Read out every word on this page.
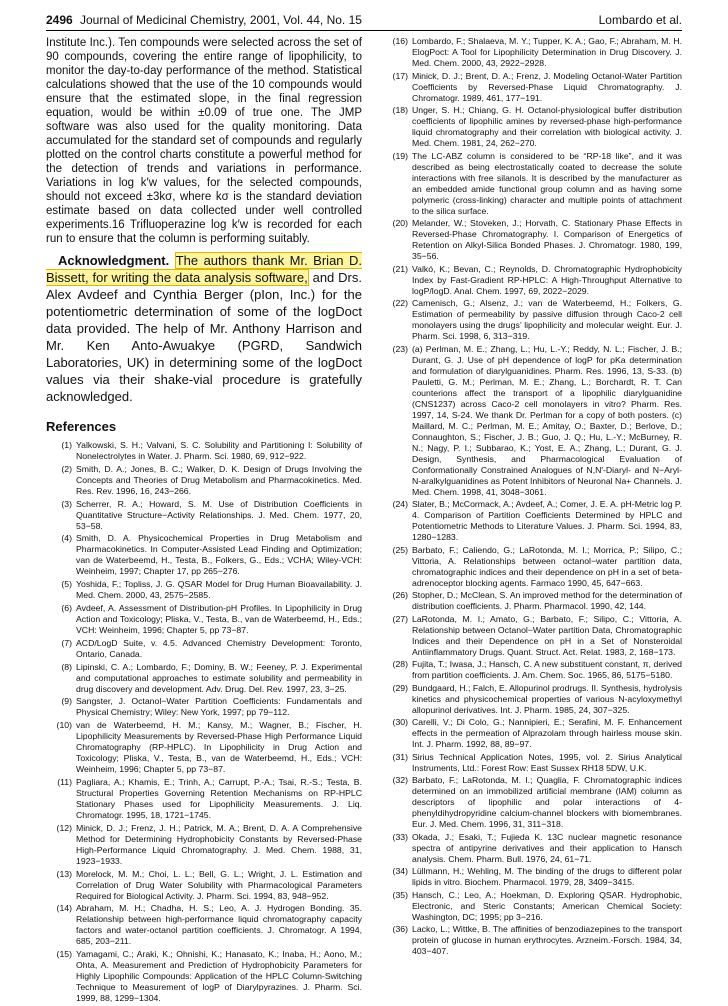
2496 Journal of Medicinal Chemistry, 2001, Vol. 44, No. 15	Lombardo et al.

Institute Inc.). Ten compounds were selected across the set of 90 compounds, covering the entire range of lipophilicity, to monitor the day-to-day performance of the method. Statistical calculations showed that the use of the 10 compounds would ensure that the estimated slope, in the final regression equation, would be within ±0.09 of true one. The JMP software was also used for the quality monitoring. Data accumulated for the standard set of compounds and regularly plotted on the control charts constitute a powerful method for the detection of trends and variations in performance. Variations in log k′w values, for the selected compounds, should not exceed ±3kσ, where kσ is the standard deviation estimate based on data collected under well controlled experiments.16 Trifluoperazine log k′w is recorded for each run to ensure that the column is performing suitably.

Acknowledgment. The authors thank Mr. Brian D. Bissett, for writing the data analysis software, and Drs. Alex Avdeef and Cynthia Berger (pIon, Inc.) for the potentiometric determination of some of the logDoct data provided. The help of Mr. Anthony Harrison and Mr. Ken Anto-Awuakye (PGRD, Sandwich Laboratories, UK) in determining some of the logDoct values via their shake-vial procedure is gratefully acknowledged.

References
(1) Yalkowski, S. H.; Valvani, S. C. Solubility and Partitioning I: Solubility of Nonelectrolytes in Water. J. Pharm. Sci. 1980, 69, 912−922.
(2) Smith, D. A.; Jones, B. C.; Walker, D. K. Design of Drugs Involving the Concepts and Theories of Drug Metabolism and Pharmacokinetics. Med. Res. Rev. 1996, 16, 243−266.
(3) Scherrer, R. A.; Howard, S. M. Use of Distribution Coefficients in Quantitative Structure−Activity Relationships. J. Med. Chem. 1977, 20, 53−58.
(4) Smith, D. A. Physicochemical Properties in Drug Metabolism and Pharmacokinetics. In Computer-Assisted Lead Finding and Optimization; van de Waterbeemd, H., Testa, B., Folkers, G., Eds.; VCHA; Wiley-VCH: Weinheim, 1997; Chapter 17, pp 265−276.
(5) Yoshida, F.; Topliss, J. G. QSAR Model for Drug Human Bioavailability. J. Med. Chem. 2000, 43, 2575−2585.
(6) Avdeef, A. Assessment of Distribution-pH Profiles. In Lipophilicity in Drug Action and Toxicology; Pliska, V., Testa, B., van de Waterbeemd, H., Eds.; VCH: Weinheim, 1996; Chapter 5, pp 73−87.
(7) ACD/LogD Suite, v. 4.5. Advanced Chemistry Development: Toronto, Ontario, Canada.
(8) Lipinski, C. A.; Lombardo, F.; Dominy, B. W.; Feeney, P. J. Experimental and computational approaches to estimate solubility and permeability in drug discovery and development. Adv. Drug. Del. Rev. 1997, 23, 3−25.
(9) Sangster, J. Octanol−Water Partition Coefficients: Fundamentals and Physical Chemistry; Wiley: New York, 1997; pp 79−112.
(10) van de Waterbeemd, H. M.; Kansy, M.; Wagner, B.; Fischer, H. Lipophilicity Measurements by Reversed-Phase High Performance Liquid Chromatography (RP-HPLC). In Lipophilicity in Drug Action and Toxicology; Pliska, V., Testa, B., van de Waterbeemd, H., Eds.; VCH: Weinheim, 1996; Chapter 5, pp 73−87.
(11) Pagliara, A.; Khamis, E.; Trinh, A.; Carrupt, P.-A.; Tsai, R.-S.; Testa, B. Structural Properties Governing Retention Mechanisms on RP-HPLC Stationary Phases used for Lipophilicity Measurements. J. Liq. Chromatogr. 1995, 18, 1721−1745.
(12) Minick, D. J.; Frenz, J. H.; Patrick, M. A.; Brent, D. A. A Comprehensive Method for Determining Hydrophobicity Constants by Reversed-Phase High-Performance Liquid Chromatography. J. Med. Chem. 1988, 31, 1923−1933.
(13) Morelock, M. M.; Choi, L. L.; Bell, G. L.; Wright, J. L. Estimation and Correlation of Drug Water Solubility with Pharmacological Parameters Required for Biological Activity. J. Pharm. Sci. 1994, 83, 948−952.
(14) Abraham, M. H.; Chadha, H. S.; Leo, A. J. Hydrogen Bonding. 35. Relationship between high-performance liquid chromatography capacity factors and water-octanol partition coefficients. J. Chromatogr. A 1994, 685, 203−211.
(15) Yamagami, C.; Araki, K.; Ohnishi, K.; Hanasato, K.; Inaba, H.; Aono, M.; Ohta, A. Measurement and Prediction of Hydrophobicity Parameters for Highly Lipophilic Compounds: Application of the HPLC Column-Switching Technique to Measurement of logP of Diarylpyrazines. J. Pharm. Sci. 1999, 88, 1299−1304.
(16) Lombardo, F.; Shalaeva, M. Y.; Tupper, K. A.; Gao, F.; Abraham, M. H. ElogPoct: A Tool for Lipophilicity Determination in Drug Discovery. J. Med. Chem. 2000, 43, 2922−2928.
(17) Minick, D. J.; Brent, D. A.; Frenz, J. Modeling Octanol-Water Partition Coefficients by Reversed-Phase Liquid Chromatography. J. Chromatogr. 1989, 461, 177−191.
(18) Unger, S. H.; Chiang, G. H. Octanol-physiological buffer distribution coefficients of lipophilic amines by reversed-phase high-performance liquid chromatography and their correlation with biological activity. J. Med. Chem. 1981, 24, 262−270.
(19) The LC-ABZ column is considered to be “RP-18 like”, and it was described as being electrostatically coated to decrease the solute interactions with free silanols. It is described by the manufacturer as an embedded amide functional group column and as having some polymeric (cross-linking) character and multiple points of attachment to the silica surface.
(20) Melander, W.; Stoveken, J.; Horvath, C. Stationary Phase Effects in Reversed-Phase Chromatography. I. Comparison of Energetics of Retention on Alkyl-Silica Bonded Phases. J. Chromatogr. 1980, 199, 35−56.
(21) Valkó, K.; Bevan, C.; Reynolds, D. Chromatographic Hydrophobicity Index by Fast-Gradient RP-HPLC: A High-Throughput Alternative to logP/logD. Anal. Chem. 1997, 69, 2022−2029.
(22) Camenisch, G.; Alsenz, J.; van de Waterbeemd, H.; Folkers, G. Estimation of permeability by passive diffusion through Caco-2 cell monolayers using the drugs’ lipophilicity and molecular weight. Eur. J. Pharm. Sci. 1998, 6, 313−319.
(23) (a) Perlman, M. E.; Zhang, L.; Hu, L.-Y.; Reddy, N. L.; Fischer, J. B.; Durant, G. J. Use of pH dependence of logP for pKa determination and formulation of diarylguanidines. Pharm. Res. 1996, 13, S-33. (b) Pauletti, G. M.; Perlman, M. E.; Zhang, L.; Borchardt, R. T. Can counterions affect the transport of a lipophilic diarylguanidine (CNS1237) across Caco-2 cell monolayers in vitro? Pharm. Res. 1997, 14, S-24. We thank Dr. Perlman for a copy of both posters. (c) Maillard, M. C.; Perlman, M. E.; Amitay, O.; Baxter, D.; Berlove, D.; Connaughton, S.; Fischer, J. B.; Guo, J. Q.; Hu, L.-Y.; McBurney, R. N.; Nagy, P. I.; Subbarao, K.; Yost, E. A.; Zhang, L.; Durant, G. J. Design, Synthesis, and Pharmacological Evaluation of Conformationally Constrained Analogues of N,N′-Diaryl- and N−Aryl-N-aralkylguanidines as Potent Inhibitors of Neuronal Na+ Channels. J. Med. Chem. 1998, 41, 3048−3061.
(24) Slater, B.; McCormack, A.; Avdeef, A.; Comer, J. E. A. pH-Metric log P. 4. Comparison of Partition Coefficients Determined by HPLC and Potentiometric Methods to Literature Values. J. Pharm. Sci. 1994, 83, 1280−1283.
(25) Barbato, F.; Caliendo, G.; LaRotonda, M. I.; Morrica, P.; Silipo, C.; Vittoria, A. Relationships between octanol−water partition data, chromatographic indices and their dependence on pH in a set of beta-adrenoceptor blocking agents. Farmaco 1990, 45, 647−663.
(26) Stopher, D.; McClean, S. An improved method for the determination of distribution coefficients. J. Pharm. Pharmacol. 1990, 42, 144.
(27) LaRotonda, M. I.; Amato, G.; Barbato, F.; Silipo, C.; Vittoria, A. Relationship between Octanol−Water partition Data, Chromatographic Indices and their Dependence on pH in a Set of Nonsteroidal Antiinflammatory Drugs. Quant. Struct. Act. Relat. 1983, 2, 168−173.
(28) Fujita, T.; Iwasa, J.; Hansch, C. A new substituent constant, π, derived from partition coefficients. J. Am. Chem. Soc. 1965, 86, 5175−5180.
(29) Bundgaard, H.; Falch, E. Allopurinol prodrugs. II. Synthesis, hydrolysis kinetics and physicochemical properties of various N-acyloxymethyl allopurinol derivatives. Int. J. Pharm. 1985, 24, 307−325.
(30) Carelli, V.; Di Colo, G.; Nannipieri, E.; Serafini, M. F. Enhancement effects in the permeation of Alprazolam through hairless mouse skin. Int. J. Pharm. 1992, 88, 89−97.
(31) Sirius Technical Application Notes, 1995, vol. 2. Sirius Analytical Instruments, Ltd.: Forest Row: East Sussex RH18 5DW, U.K.
(32) Barbato, F.; LaRotonda, M. I.; Quaglia, F. Chromatographic indices determined on an immobilized artificial membrane (IAM) column as descriptors of lipophilic and polar interactions of 4-phenyldihydropyridine calcium-channel blockers with biomembranes. Eur. J. Med. Chem. 1996, 31, 311−318.
(33) Okada, J.; Esaki, T.; Fujieda K. 13C nuclear magnetic resonance spectra of antipyrine derivatives and their application to Hansch analysis. Chem. Pharm. Bull. 1976, 24, 61−71.
(34) Lüllmann, H.; Wehling, M. The binding of the drugs to different polar lipids in vitro. Biochem. Pharmacol. 1979, 28, 3409−3415.
(35) Hansch, C.; Leo, A.; Hoekman, D. Exploring QSAR. Hydrophobic, Electronic, and Steric Constants; American Chemical Society: Washington, DC; 1995; pp 3−216.
(36) Lacko, L.; Wittke, B. The affinities of benzodiazepines to the transport protein of glucose in human erythrocytes. Arzneim.-Forsch. 1984, 34, 403−407.
